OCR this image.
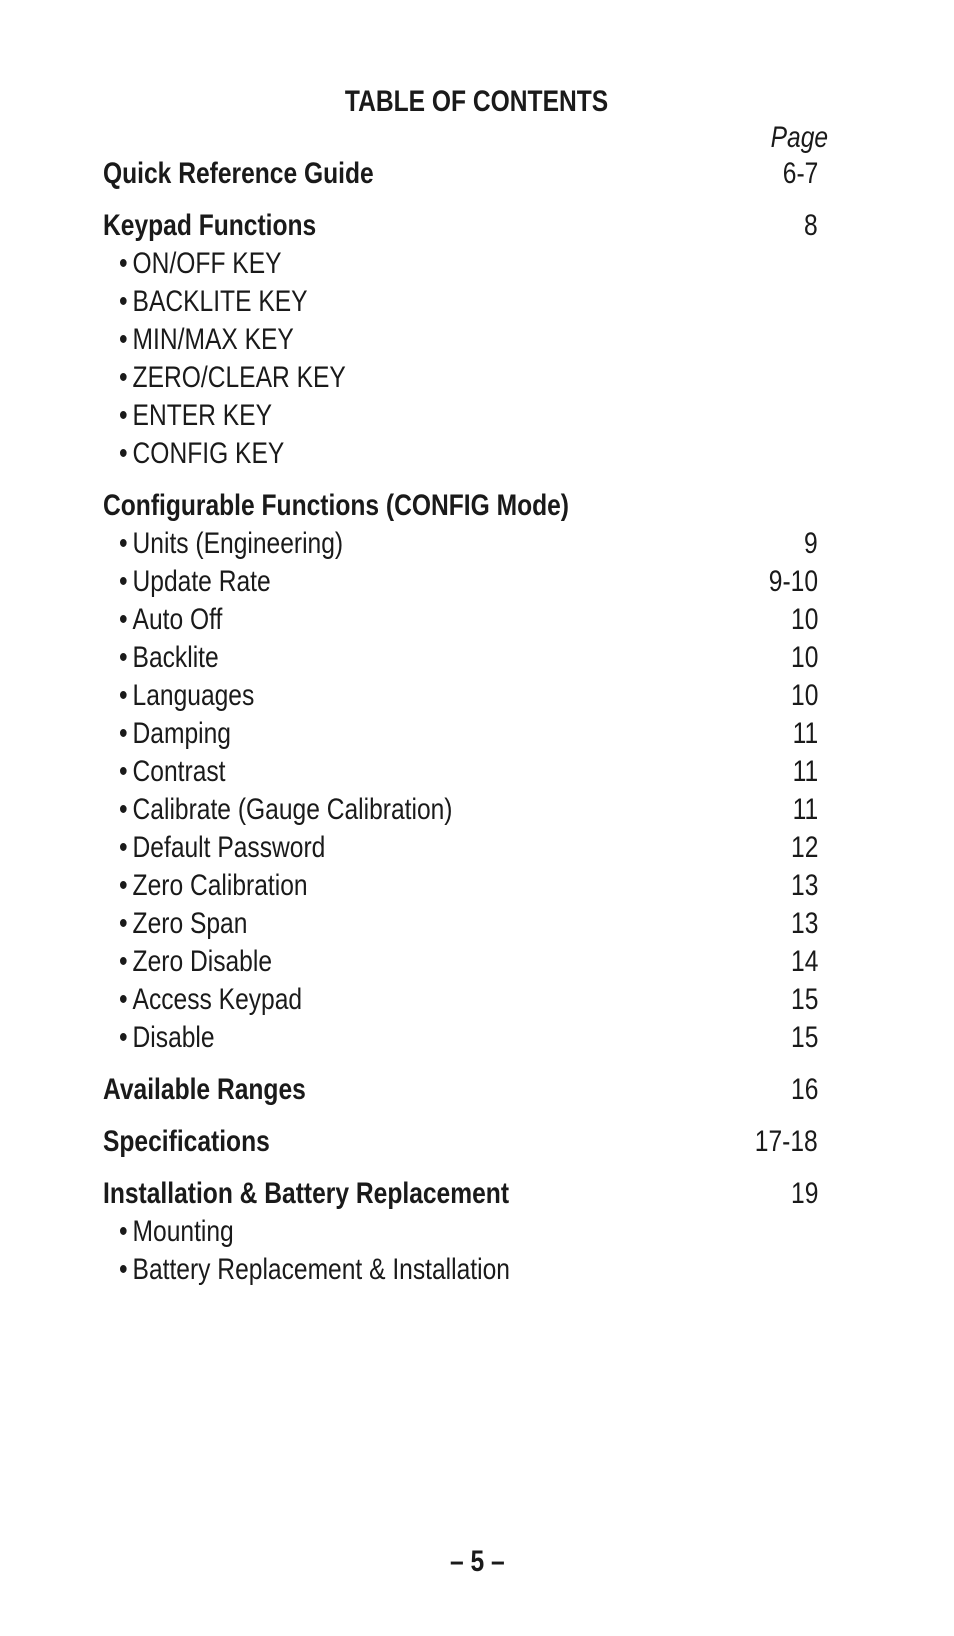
TABLE OF CONTENTS
Page
Quick Reference Guide	6-7
Keypad Functions	8
• ON/OFF KEY
• BACKLITE KEY
• MIN/MAX KEY
• ZERO/CLEAR KEY
• ENTER KEY
• CONFIG KEY
Configurable Functions (CONFIG Mode)
• Units (Engineering)	9
• Update Rate	9-10
• Auto Off	10
• Backlite	10
• Languages	10
• Damping	11
• Contrast	11
• Calibrate (Gauge Calibration)	11
• Default Password	12
• Zero Calibration	13
• Zero Span	13
• Zero Disable	14
• Access Keypad	15
• Disable	15
Available Ranges	16
Specifications	17-18
Installation & Battery Replacement	19
• Mounting
• Battery Replacement & Installation
– 5 –
